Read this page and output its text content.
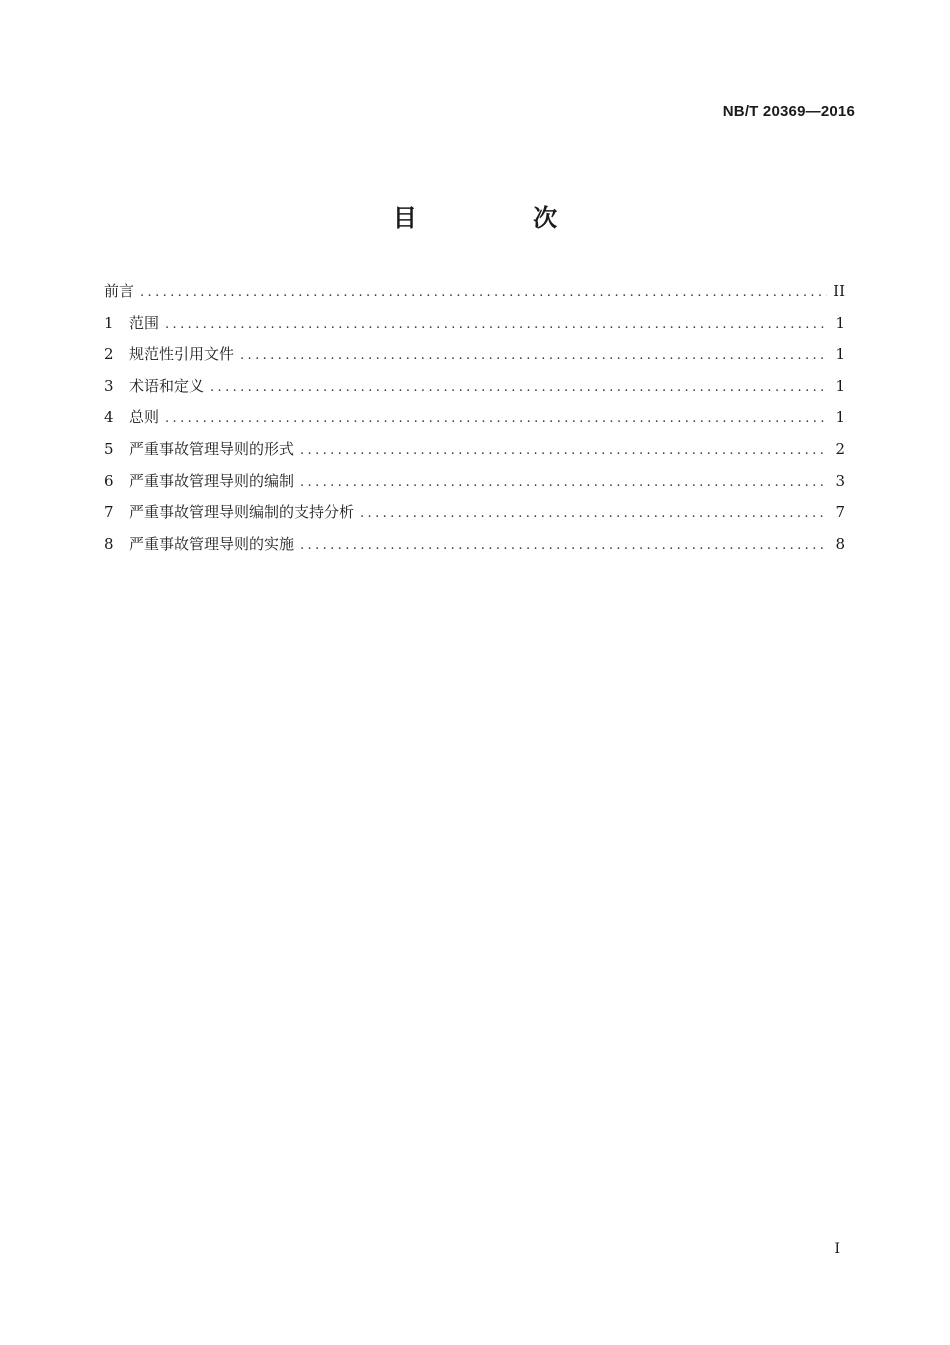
NB/T 20369—2016
目 次
前言 .....	II
1	范围 .....	1
2	规范性引用文件 .....	1
3	术语和定义 .....	1
4	总则 .....	1
5	严重事故管理导则的形式 .....	2
6	严重事故管理导则的编制 .....	3
7	严重事故管理导则编制的支持分析 .....	7
8	严重事故管理导则的实施 .....	8
I
